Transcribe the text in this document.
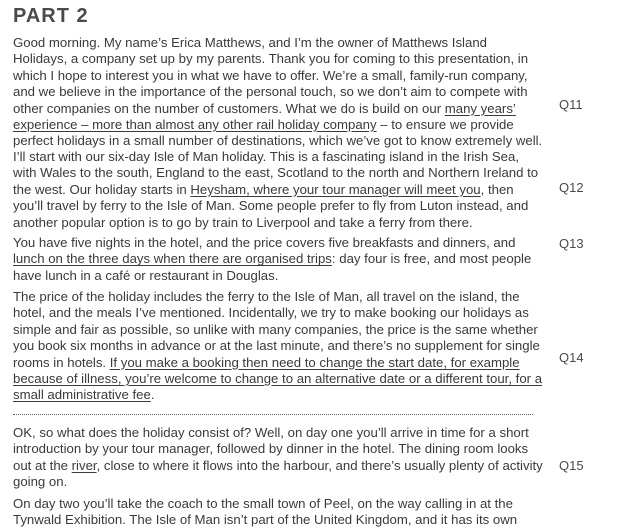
PART 2

Good morning. My name’s Erica Matthews, and I’m the owner of Matthews Island Holidays, a company set up by my parents. Thank you for coming to this presentation, in which I hope to interest you in what we have to offer. We’re a small, family-run company, and we believe in the importance of the personal touch, so we don’t aim to compete with other companies on the number of customers. What we do is build on our many years’ experience – more than almost any other rail holiday company – to ensure we provide perfect holidays in a small number of destinations, which we’ve got to know extremely well.

Q11

I’ll start with our six-day Isle of Man holiday. This is a fascinating island in the Irish Sea, with Wales to the south, England to the east, Scotland to the north and Northern Ireland to the west. Our holiday starts in Heysham, where your tour manager will meet you, then you’ll travel by ferry to the Isle of Man. Some people prefer to fly from Luton instead, and another popular option is to go by train to Liverpool and take a ferry from there.

Q12

You have five nights in the hotel, and the price covers five breakfasts and dinners, and lunch on the three days when there are organised trips: day four is free, and most people have lunch in a café or restaurant in Douglas.

Q13

The price of the holiday includes the ferry to the Isle of Man, all travel on the island, the hotel, and the meals I’ve mentioned. Incidentally, we try to make booking our holidays as simple and fair as possible, so unlike with many companies, the price is the same whether you book six months in advance or at the last minute, and there’s no supplement for single rooms in hotels. If you make a booking then need to change the start date, for example because of illness, you’re welcome to change to an alternative date or a different tour, for a small administrative fee.

Q14

OK, so what does the holiday consist of? Well, on day one you’ll arrive in time for a short introduction by your tour manager, followed by dinner in the hotel. The dining room looks out at the river, close to where it flows into the harbour, and there’s usually plenty of activity going on.

Q15

On day two you’ll take the coach to the small town of Peel, on the way calling in at the Tynwald Exhibition. The Isle of Man isn’t part of the United Kingdom, and it has its own
